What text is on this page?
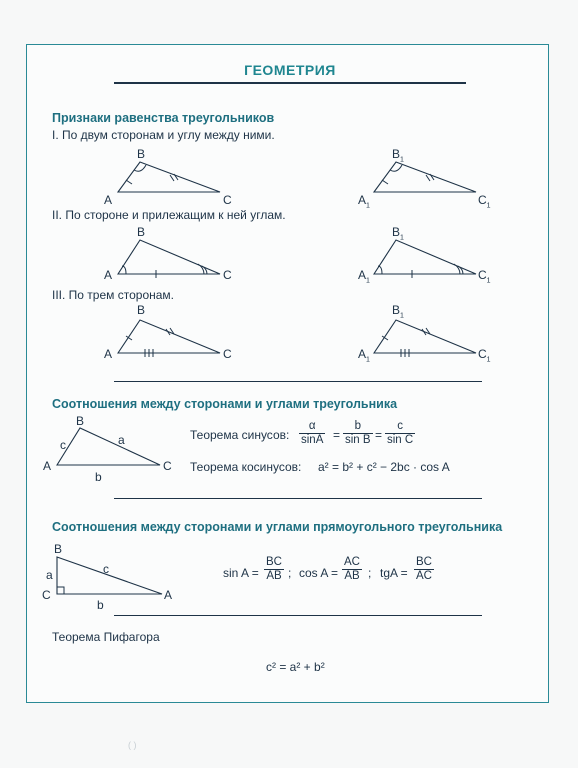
ГЕОМЕТРИЯ
Признаки равенства треугольников
I. По двум сторонам и углу между ними.
II. По стороне и прилежащим к ней углам.
III. По трем сторонам.
A
B
C	$A_1$
$B_1$
$C_1$
A
B
C	$A_1$
$B_1$
$C_1$
A
B
C	$A_1$
$B_1$
$C_1$
Соотношения между сторонами и углами треугольника
A
B
C
c	a
b
Теорема синусов: $\frac{\alpha}{\sin A} = \frac{b}{\text{sin B}} = \frac{c}{\text{sin C}}$
Теорема косинусов: a² = b² + c² − 2bc · cos A
Соотношения между сторонами и углами прямоугольного треугольника
B
C	A
a	c
b
$\sin A = \frac{BC}{AB}$ ; $\cos A = \frac{AC}{AB}$ ; tgA = $\frac{BC}{AC}$
Теорема Пифагора
c² = a² + b²
( )
